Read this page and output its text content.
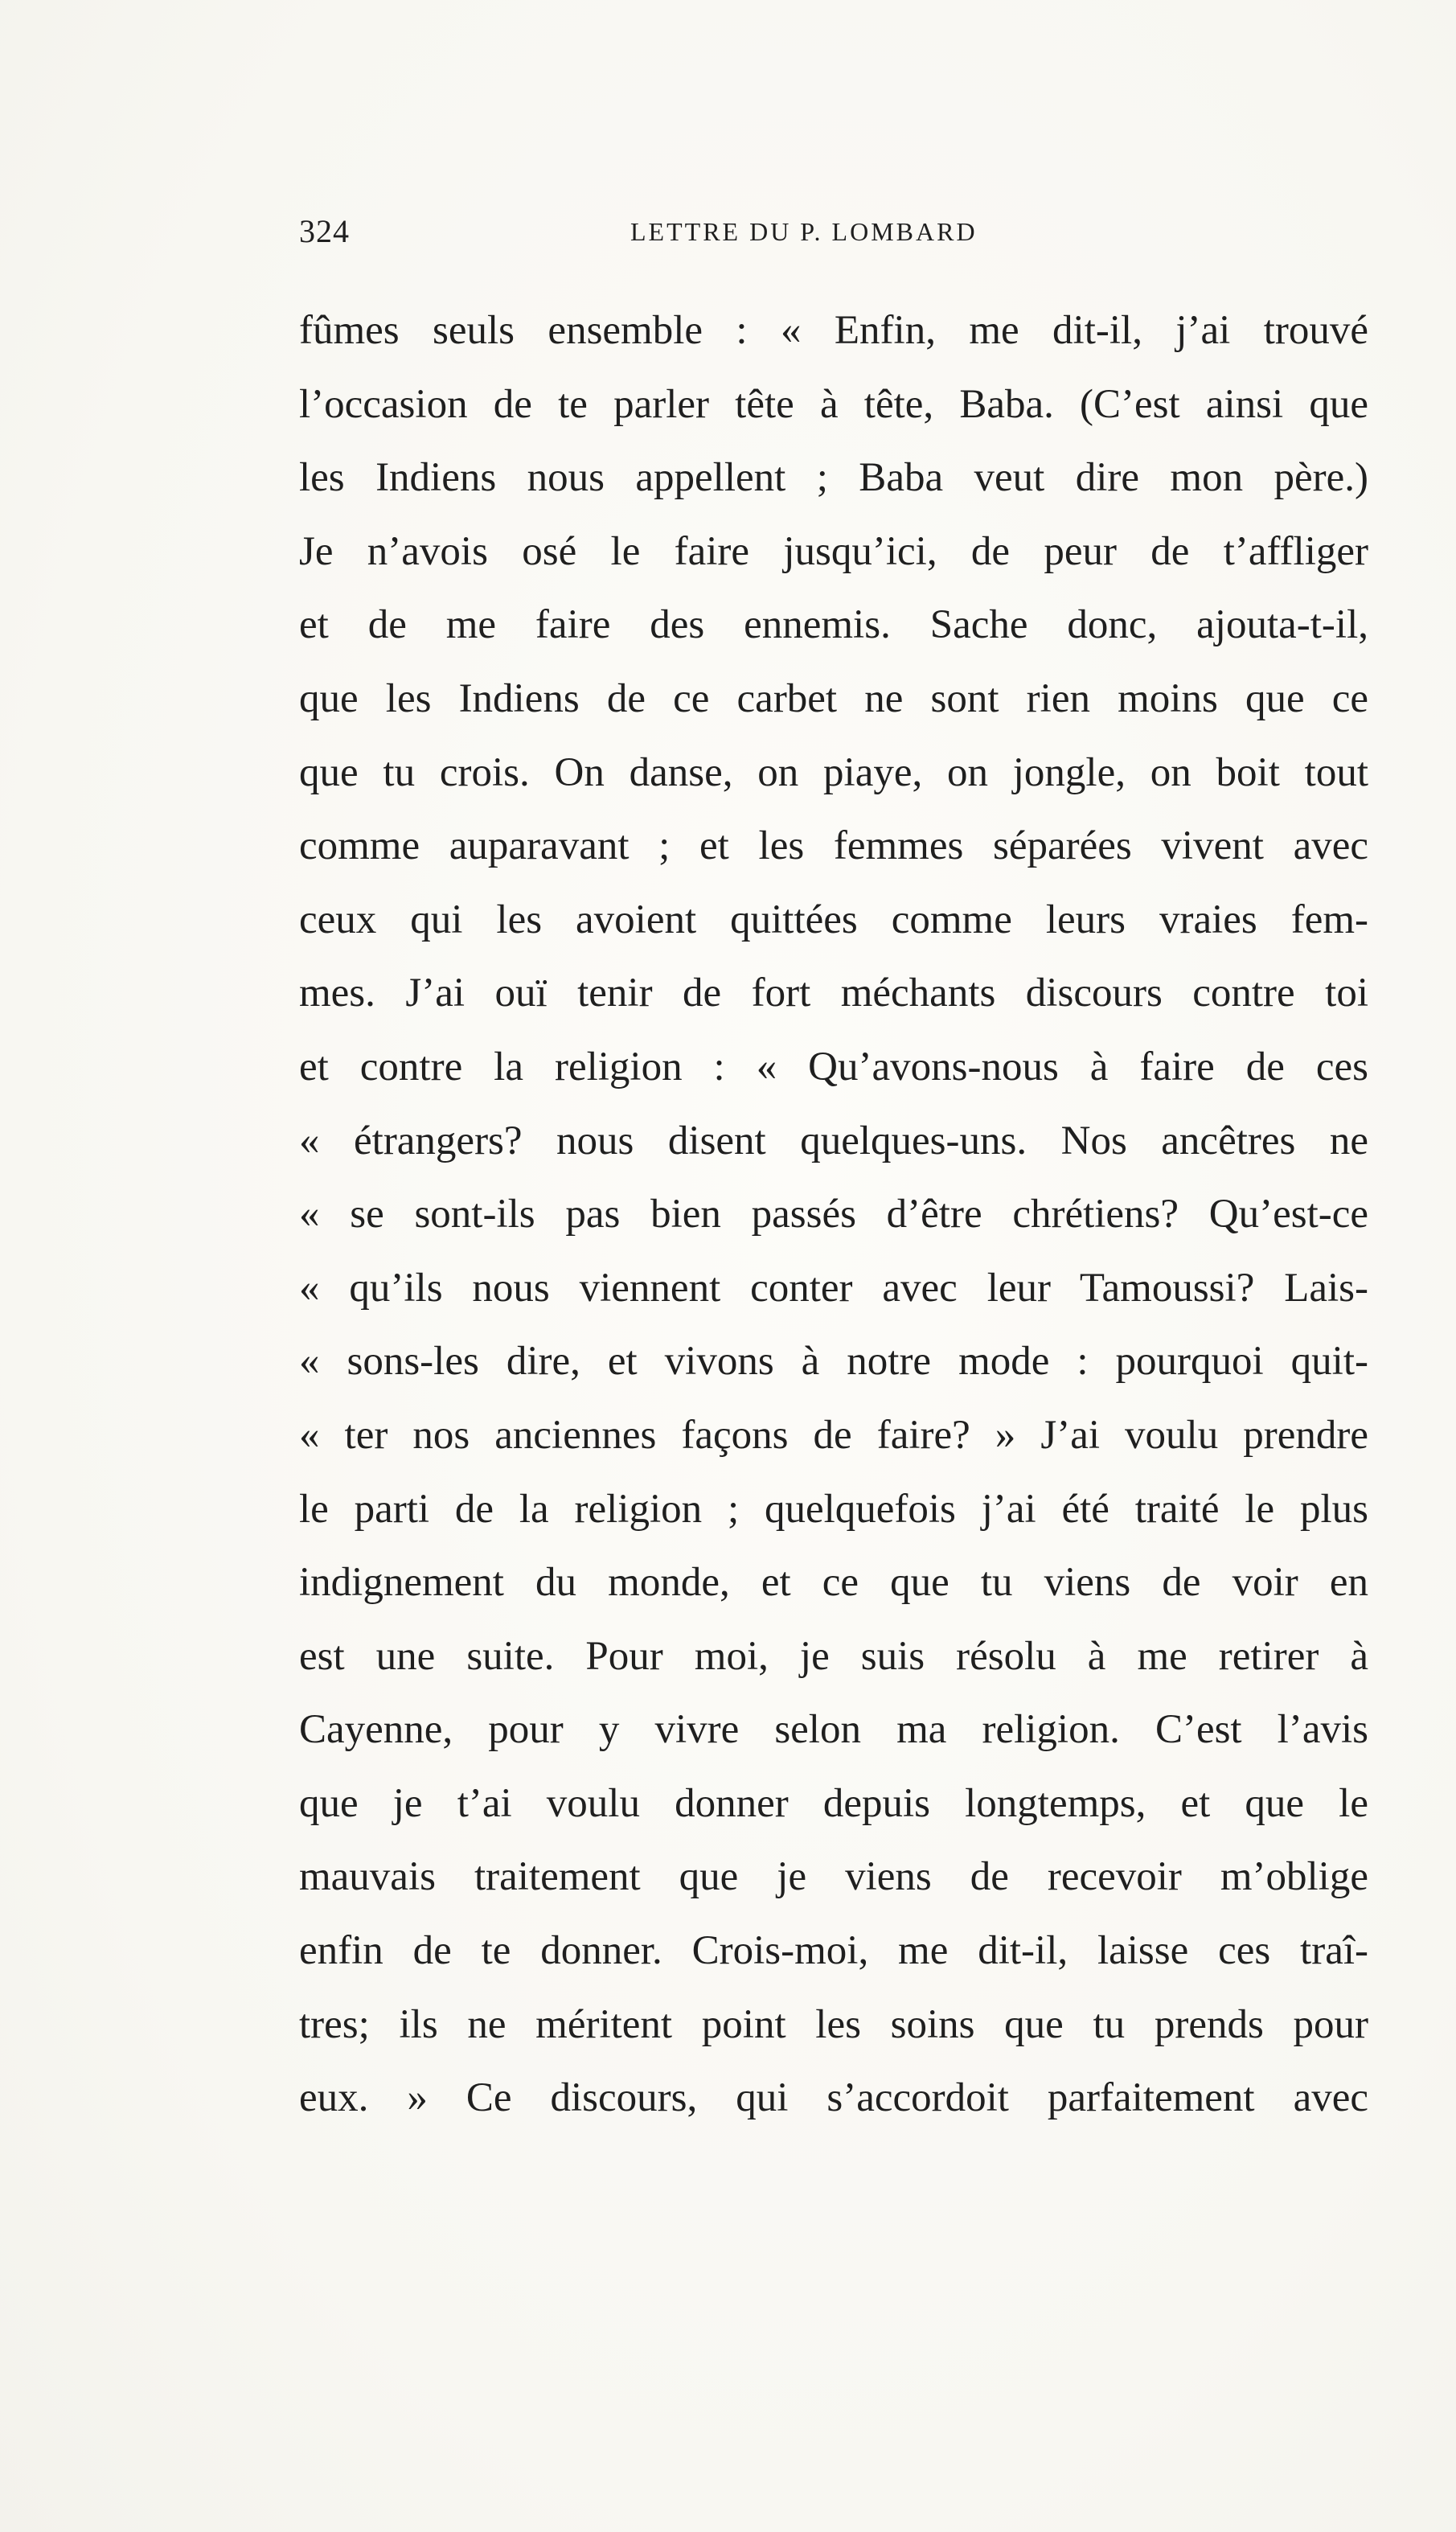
324	LETTRE DU P. LOMBARD
fûmes seuls ensemble : « Enfin, me dit-il, j’ai trouvé
l’occasion de te parler tête à tête, Baba. (C’est ainsi que
les Indiens nous appellent ; Baba veut dire mon père.)
Je n’avois osé le faire jusqu’ici, de peur de t’affliger
et de me faire des ennemis. Sache donc, ajouta-t-il,
que les Indiens de ce carbet ne sont rien moins que ce
que tu crois. On danse, on piaye, on jongle, on boit tout
comme auparavant ; et les femmes séparées vivent avec
ceux qui les avoient quittées comme leurs vraies fem-
mes. J’ai ouï tenir de fort méchants discours contre toi
et contre la religion : « Qu’avons-nous à faire de ces
« étrangers? nous disent quelques-uns. Nos ancêtres ne
« se sont-ils pas bien passés d’être chrétiens? Qu’est-ce
« qu’ils nous viennent conter avec leur Tamoussi? Lais-
« sons-les dire, et vivons à notre mode : pourquoi quit-
« ter nos anciennes façons de faire? » J’ai voulu prendre
le parti de la religion ; quelquefois j’ai été traité le plus
indignement du monde, et ce que tu viens de voir en
est une suite. Pour moi, je suis résolu à me retirer à
Cayenne, pour y vivre selon ma religion. C’est l’avis
que je t’ai voulu donner depuis longtemps, et que le
mauvais traitement que je viens de recevoir m’oblige
enfin de te donner. Crois-moi, me dit-il, laisse ces traî-
tres; ils ne méritent point les soins que tu prends pour
eux. » Ce discours, qui s’accordoit parfaitement avec
